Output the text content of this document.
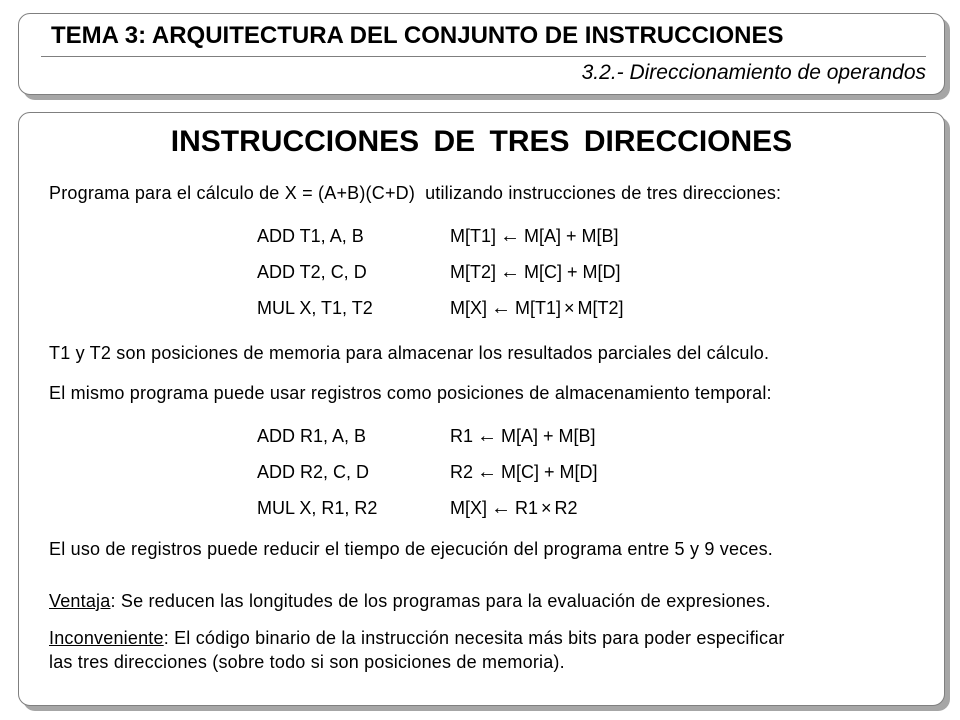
TEMA 3: ARQUITECTURA DEL CONJUNTO DE INSTRUCCIONES
3.2.- Direccionamiento de operandos
INSTRUCCIONES DE TRES DIRECCIONES
Programa para el cálculo de X = (A+B)(C+D) utilizando instrucciones de tres direcciones:
ADD T1, A, B	M[T1] ← M[A] + M[B]
ADD T2, C, D	M[T2] ← M[C] + M[D]
MUL X, T1, T2	M[X] ← M[T1] × M[T2]
T1 y T2 son posiciones de memoria para almacenar los resultados parciales del cálculo.
El mismo programa puede usar registros como posiciones de almacenamiento temporal:
ADD R1, A, B	R1 ← M[A] + M[B]
ADD R2, C, D	R2 ← M[C] + M[D]
MUL X, R1, R2	M[X] ← R1 × R2
El uso de registros puede reducir el tiempo de ejecución del programa entre 5 y 9 veces.
Ventaja: Se reducen las longitudes de los programas para la evaluación de expresiones.
Inconveniente: El código binario de la instrucción necesita más bits para poder especificar
las tres direcciones (sobre todo si son posiciones de memoria).
